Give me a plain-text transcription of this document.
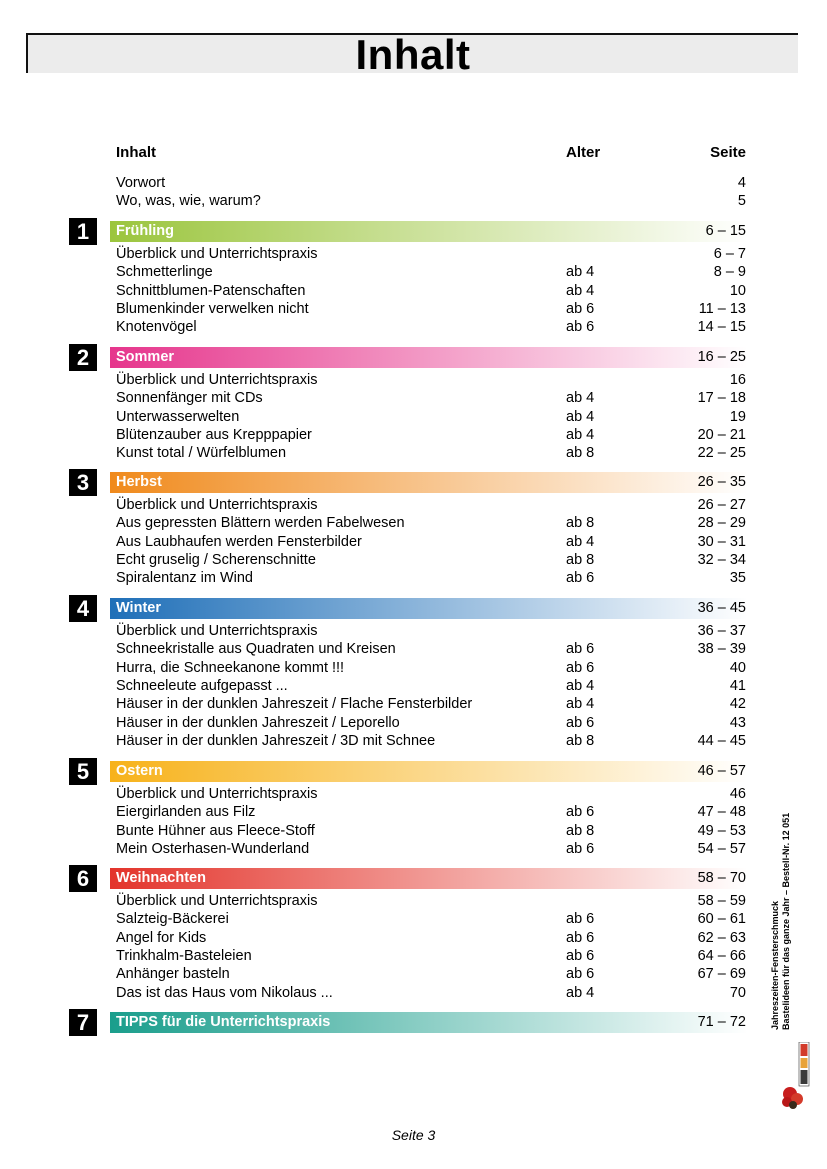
Inhalt
Inhalt	Alter	Seite
Vorwort	4
Wo, was, wie, warum?	5
1	Frühling	6 – 15
Überblick und Unterrichtspraxis	6 – 7
Schmetterlinge	ab 4	8 – 9
Schnittblumen-Patenschaften	ab 4	10
Blumenkinder verwelken nicht	ab 6	11 – 13
Knotenvögel	ab 6	14 – 15
2	Sommer	16 – 25
Überblick und Unterrichtspraxis	16
Sonnenfänger mit CDs	ab 4	17 – 18
Unterwasserwelten	ab 4	19
Blütenzauber aus Krepppapier	ab 4	20 – 21
Kunst total / Würfelblumen	ab 8	22 – 25
3	Herbst	26 – 35
Überblick und Unterrichtspraxis	26 – 27
Aus gepressten Blättern werden Fabelwesen	ab 8	28 – 29
Aus Laubhaufen werden Fensterbilder	ab 4	30 – 31
Echt gruselig / Scherenschnitte	ab 8	32 – 34
Spiralentanz im Wind	ab 6	35
4	Winter	36 – 45
Überblick und Unterrichtspraxis	36 – 37
Schneekristalle aus Quadraten und Kreisen	ab 6	38 – 39
Hurra, die Schneekanone kommt !!!	ab 6	40
Schneeleute aufgepasst ...	ab 4	41
Häuser in der dunklen Jahreszeit / Flache Fensterbilder	ab 4	42
Häuser in der dunklen Jahreszeit / Leporello	ab 6	43
Häuser in der dunklen Jahreszeit / 3D mit Schnee	ab 8	44 – 45
5	Ostern	46 – 57
Überblick und Unterrichtspraxis	46
Eiergirlanden aus Filz	ab 6	47 – 48
Bunte Hühner aus Fleece-Stoff	ab 8	49 – 53
Mein Osterhasen-Wunderland	ab 6	54 – 57
6	Weihnachten	58 – 70
Überblick und Unterrichtspraxis	58 – 59
Salzteig-Bäckerei	ab 6	60 – 61
Angel for Kids	ab 6	62 – 63
Trinkhalm-Basteleien	ab 6	64 – 66
Anhänger basteln	ab 6	67 – 69
Das ist das Haus vom Nikolaus ...	ab 4	70
7	TIPPS für die Unterrichtspraxis	71 – 72	Jahreszeiten-Fensterschmuck Bastelideen für das ganze Jahr – Bestell-Nr. 12 051
Seite 3
